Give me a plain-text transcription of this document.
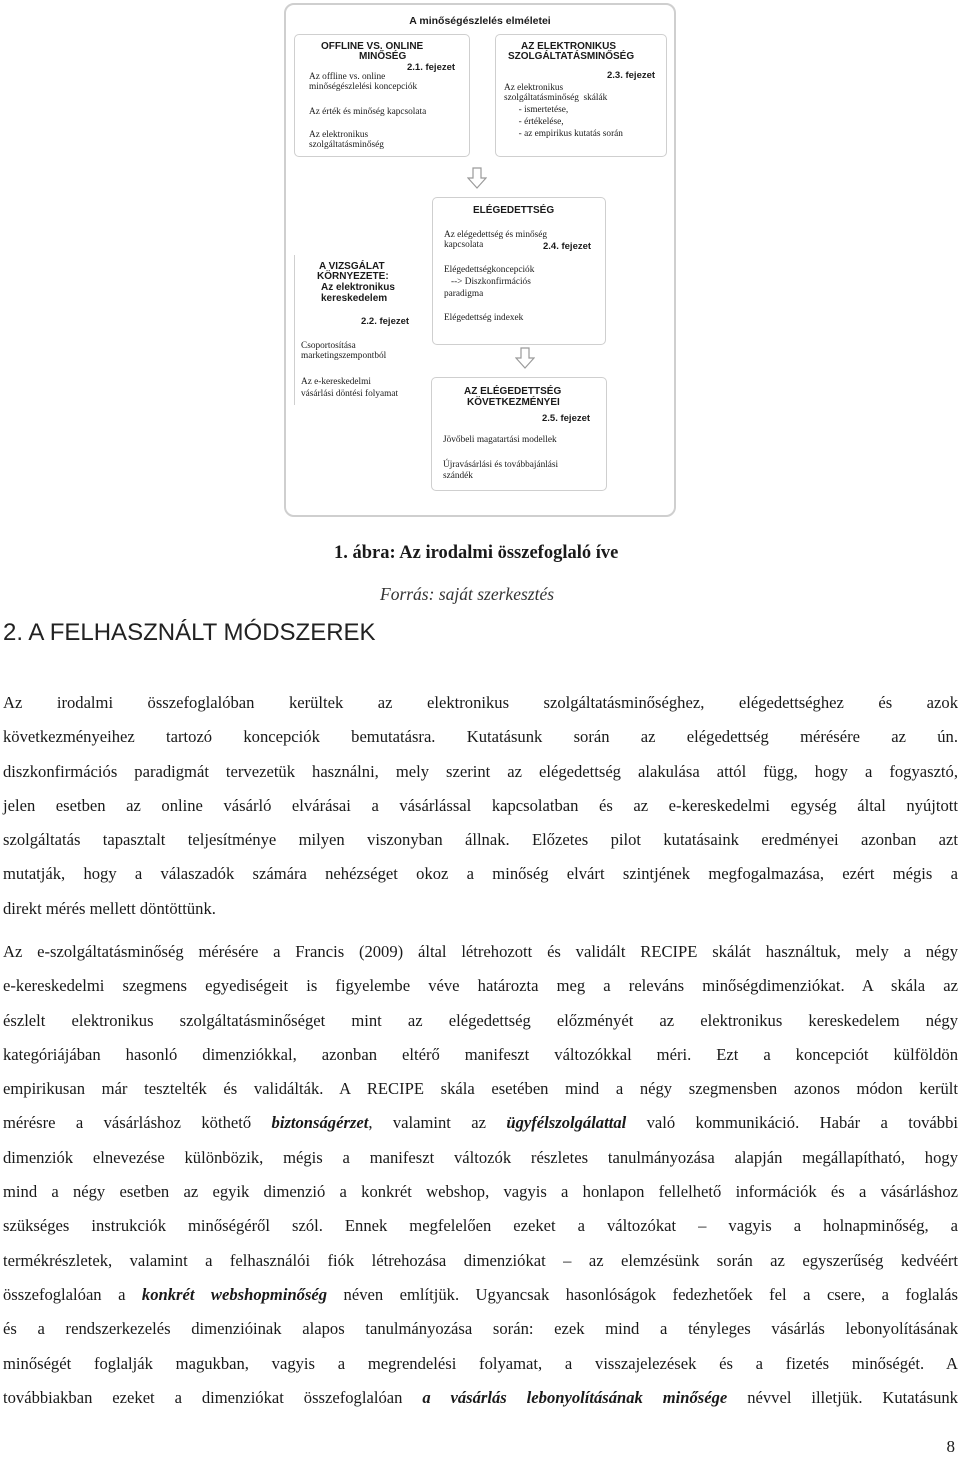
A minőségészlelés elméletei
OFFLINE VS. ONLINE
MINŐSÉG
2.1. fejezet
Az offline vs. online
minőségészlelési koncepciók
Az érték és minőség kapcsolata
Az elektronikus
szolgáltatásminőség
AZ ELEKTRONIKUS
SZOLGÁLTATÁSMINŐSÉG
2.3. fejezet
Az elektronikus
szolgáltatásminőség  skálák
- ismertetése,
- értékelése,
- az empirikus kutatás során
ELÉGEDETTSÉG
Az elégedettség és minőség
kapcsolata	2.4. fejezet
Elégedettségkoncepciók
--> Diszkonfirmációs
paradigma
Elégedettség indexek
A VIZSGÁLAT
KÖRNYEZETE:
Az elektronikus
kereskedelem
2.2. fejezet
Csoportosítása
marketingszempontból
Az e-kereskedelmi
vásárlási döntési folyamat	AZ ELÉGEDETTSÉG
KÖVETKEZMÉNYEI
2.5. fejezet
Jövőbeli magatartási modellek
Újravásárlási és továbbajánlási
szándék
1. ábra: Az irodalmi összefoglaló íve
Forrás: saját szerkesztés
2. A FELHASZNÁLT MÓDSZEREK
Az irodalmi összefoglalóban kerültek az elektronikus szolgáltatásminőséghez, elégedettséghez és azok
következményeihez tartozó koncepciók bemutatásra. Kutatásunk során az elégedettség mérésére az ún.
diszkonfirmációs paradigmát tervezetük használni, mely szerint az elégedettség alakulása attól függ, hogy a fogyasztó,
jelen esetben az online vásárló elvárásai a vásárlással kapcsolatban és az e-kereskedelmi egység által nyújtott
szolgáltatás tapasztalt teljesítménye milyen viszonyban állnak. Előzetes pilot kutatásaink eredményei azonban azt
mutatják, hogy a válaszadók számára nehézséget okoz a minőség elvárt szintjének megfogalmazása, ezért mégis a
direkt mérés mellett döntöttünk.
Az e-szolgáltatásminőség mérésére a Francis (2009) által létrehozott és validált RECIPE skálát használtuk, mely a négy
e-kereskedelmi szegmens egyediségeit is figyelembe véve határozta meg a releváns minőségdimenziókat. A skála az
észlelt elektronikus szolgáltatásminőséget mint az elégedettség előzményét az elektronikus kereskedelem négy
kategóriájában hasonló dimenziókkal, azonban eltérő manifeszt változókkal méri. Ezt a koncepciót külföldön
empirikusan már tesztelték és validálták. A RECIPE skála esetében mind a négy szegmensben azonos módon került
mérésre a vásárláshoz köthető biztonságérzet, valamint az ügyfélszolgálattal való kommunikáció. Habár a további
dimenziók elnevezése különbözik, mégis a manifeszt változók részletes tanulmányozása alapján megállapítható, hogy
mind a négy esetben az egyik dimenzió a konkrét webshop, vagyis a honlapon fellelhető információk és a vásárláshoz
szükséges instrukciók minőségéről szól. Ennek megfelelően ezeket a változókat – vagyis a holnapminőség, a
termékrészletek, valamint a felhasználói fiók létrehozása dimenziókat – az elemzésünk során az egyszerűség kedvéért
összefoglalóan a konkrét webshopminőség néven említjük. Ugyancsak hasonlóságok fedezhetőek fel a csere, a foglalás
és a rendszerkezelés dimenzióinak alapos tanulmányozása során: ezek mind a tényleges vásárlás lebonyolításának
minőségét foglalják magukban, vagyis a megrendelési folyamat, a visszajelezések és a fizetés minőségét. A
továbbiakban ezeket a dimenziókat összefoglalóan a vásárlás lebonyolításának minősége névvel illetjük. Kutatásunk
8
